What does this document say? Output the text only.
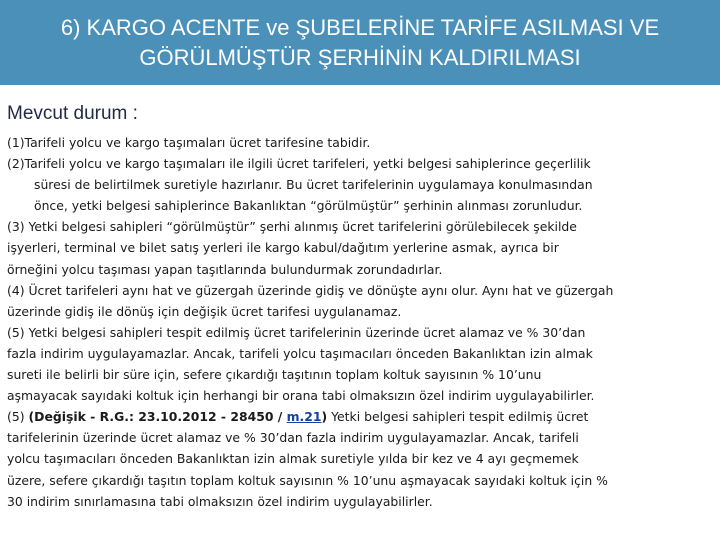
6) KARGO ACENTE ve ŞUBELERİNE TARİFE ASILMASI VE
GÖRÜLMÜŞTÜR ŞERHİNİN KALDIRILMASI
Mevcut durum :
(1)Tarifeli yolcu ve kargo taşımaları ücret tarifesine tabidir.
(2)Tarifeli yolcu ve kargo taşımaları ile ilgili ücret tarifeleri, yetki belgesi sahiplerince geçerlilik
süresi de belirtilmek suretiyle hazırlanır. Bu ücret tarifelerinin uygulamaya konulmasından
önce, yetki belgesi sahiplerince Bakanlıktan “görülmüştür” şerhinin alınması zorunludur.
(3) Yetki belgesi sahipleri “görülmüştür” şerhi alınmış ücret tarifelerini görülebilecek şekilde
işyerleri, terminal ve bilet satış yerleri ile kargo kabul/dağıtım yerlerine asmak, ayrıca bir
örneğini yolcu taşıması yapan taşıtlarında bulundurmak zorundadırlar.
(4) Ücret tarifeleri aynı hat ve güzergah üzerinde gidiş ve dönüşte aynı olur. Aynı hat ve güzergah
üzerinde gidiş ile dönüş için değişik ücret tarifesi uygulanamaz.
(5) Yetki belgesi sahipleri tespit edilmiş ücret tarifelerinin üzerinde ücret alamaz ve % 30’dan
fazla indirim uygulayamazlar. Ancak, tarifeli yolcu taşımacıları önceden Bakanlıktan izin almak
sureti ile belirli bir süre için, sefere çıkardığı taşıtının toplam koltuk sayısının % 10’unu
aşmayacak sayıdaki koltuk için herhangi bir orana tabi olmaksızın özel indirim uygulayabilirler.
(5) (Değişik - R.G.: 23.10.2012 - 28450 / m.21) Yetki belgesi sahipleri tespit edilmiş ücret
tarifelerinin üzerinde ücret alamaz ve % 30’dan fazla indirim uygulayamazlar. Ancak, tarifeli
yolcu taşımacıları önceden Bakanlıktan izin almak suretiyle yılda bir kez ve 4 ayı geçmemek
üzere, sefere çıkardığı taşıtın toplam koltuk sayısının % 10’unu aşmayacak sayıdaki koltuk için %
30 indirim sınırlamasına tabi olmaksızın özel indirim uygulayabilirler.
